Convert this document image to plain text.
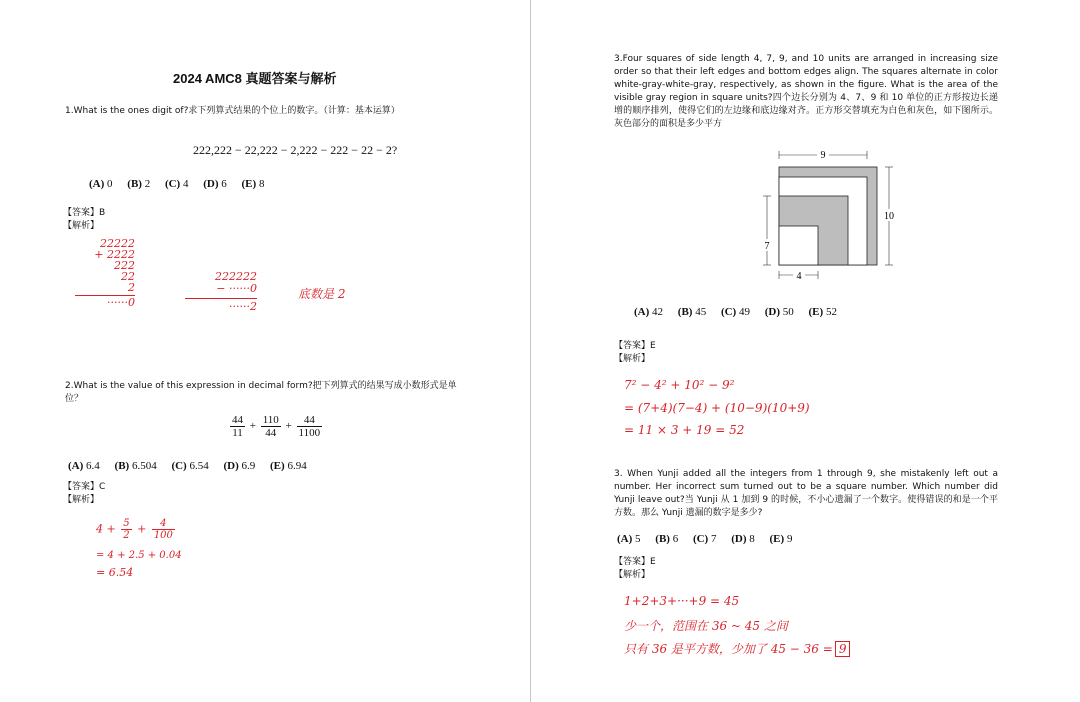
2024 AMC8 真题答案与解析
1.What is the ones digit of?求下列算式结果的个位上的数字。（计算：基本运算）
222,222 − 22,222 − 2,222 − 222 − 22 − 2?
(A) 0 (B) 2 (C) 4 (D) 6 (E) 8
【答案】B
【解析】
22222
+ 2222
222
22
2
······0
222222
− ······0
······2
底数是 2
2.What is the value of this expression in decimal form?把下列算式的结果写成小数形式是单位？
$\frac{44}{11} + \frac{110}{44} + \frac{44}{1100}$
(A) 6.4 (B) 6.504 (C) 6.54 (D) 6.9 (E) 6.94
【答案】C
【解析】
$4 + \frac{5}{2} + \frac{4}{100}$
= 4 + 2.5 + 0.04
= 6.54
3.Four squares of side length 4, 7, 9, and 10 units are arranged in increasing size order so that their left edges and bottom edges align. The squares alternate in color white-gray-white-gray, respectively, as shown in the figure. What is the area of the visible gray region in square units?四个边长分别为 4、7、9 和 10 单位的正方形按边长递增的顺序排列，使得它们的左边缘和底边缘对齐。正方形交替填充为白色和灰色，如下图所示。灰色部分的面积是多少平方
9
10
7
4
(A) 42 (B) 45 (C) 49 (D) 50 (E) 52
【答案】E
【解析】
7² − 4² + 10² − 9²
= (7+4)(7−4) + (10−9)(10+9)
= 11 × 3 + 19 = 52
3. When Yunji added all the integers from 1 through 9, she mistakenly left out a number. Her incorrect sum turned out to be a square number. Which number did Yunji leave out?当 Yunji 从 1 加到 9 的时候，不小心遗漏了一个数字。使得错误的和是一个平方数。那么 Yunji 遗漏的数字是多少?
(A) 5 (B) 6 (C) 7 (D) 8 (E) 9
【答案】E
【解析】
1+2+3+···+9 = 45
少一个，范围在 36 ~ 45 之间
只有 36 是平方数，少加了 45 − 36 = 9
